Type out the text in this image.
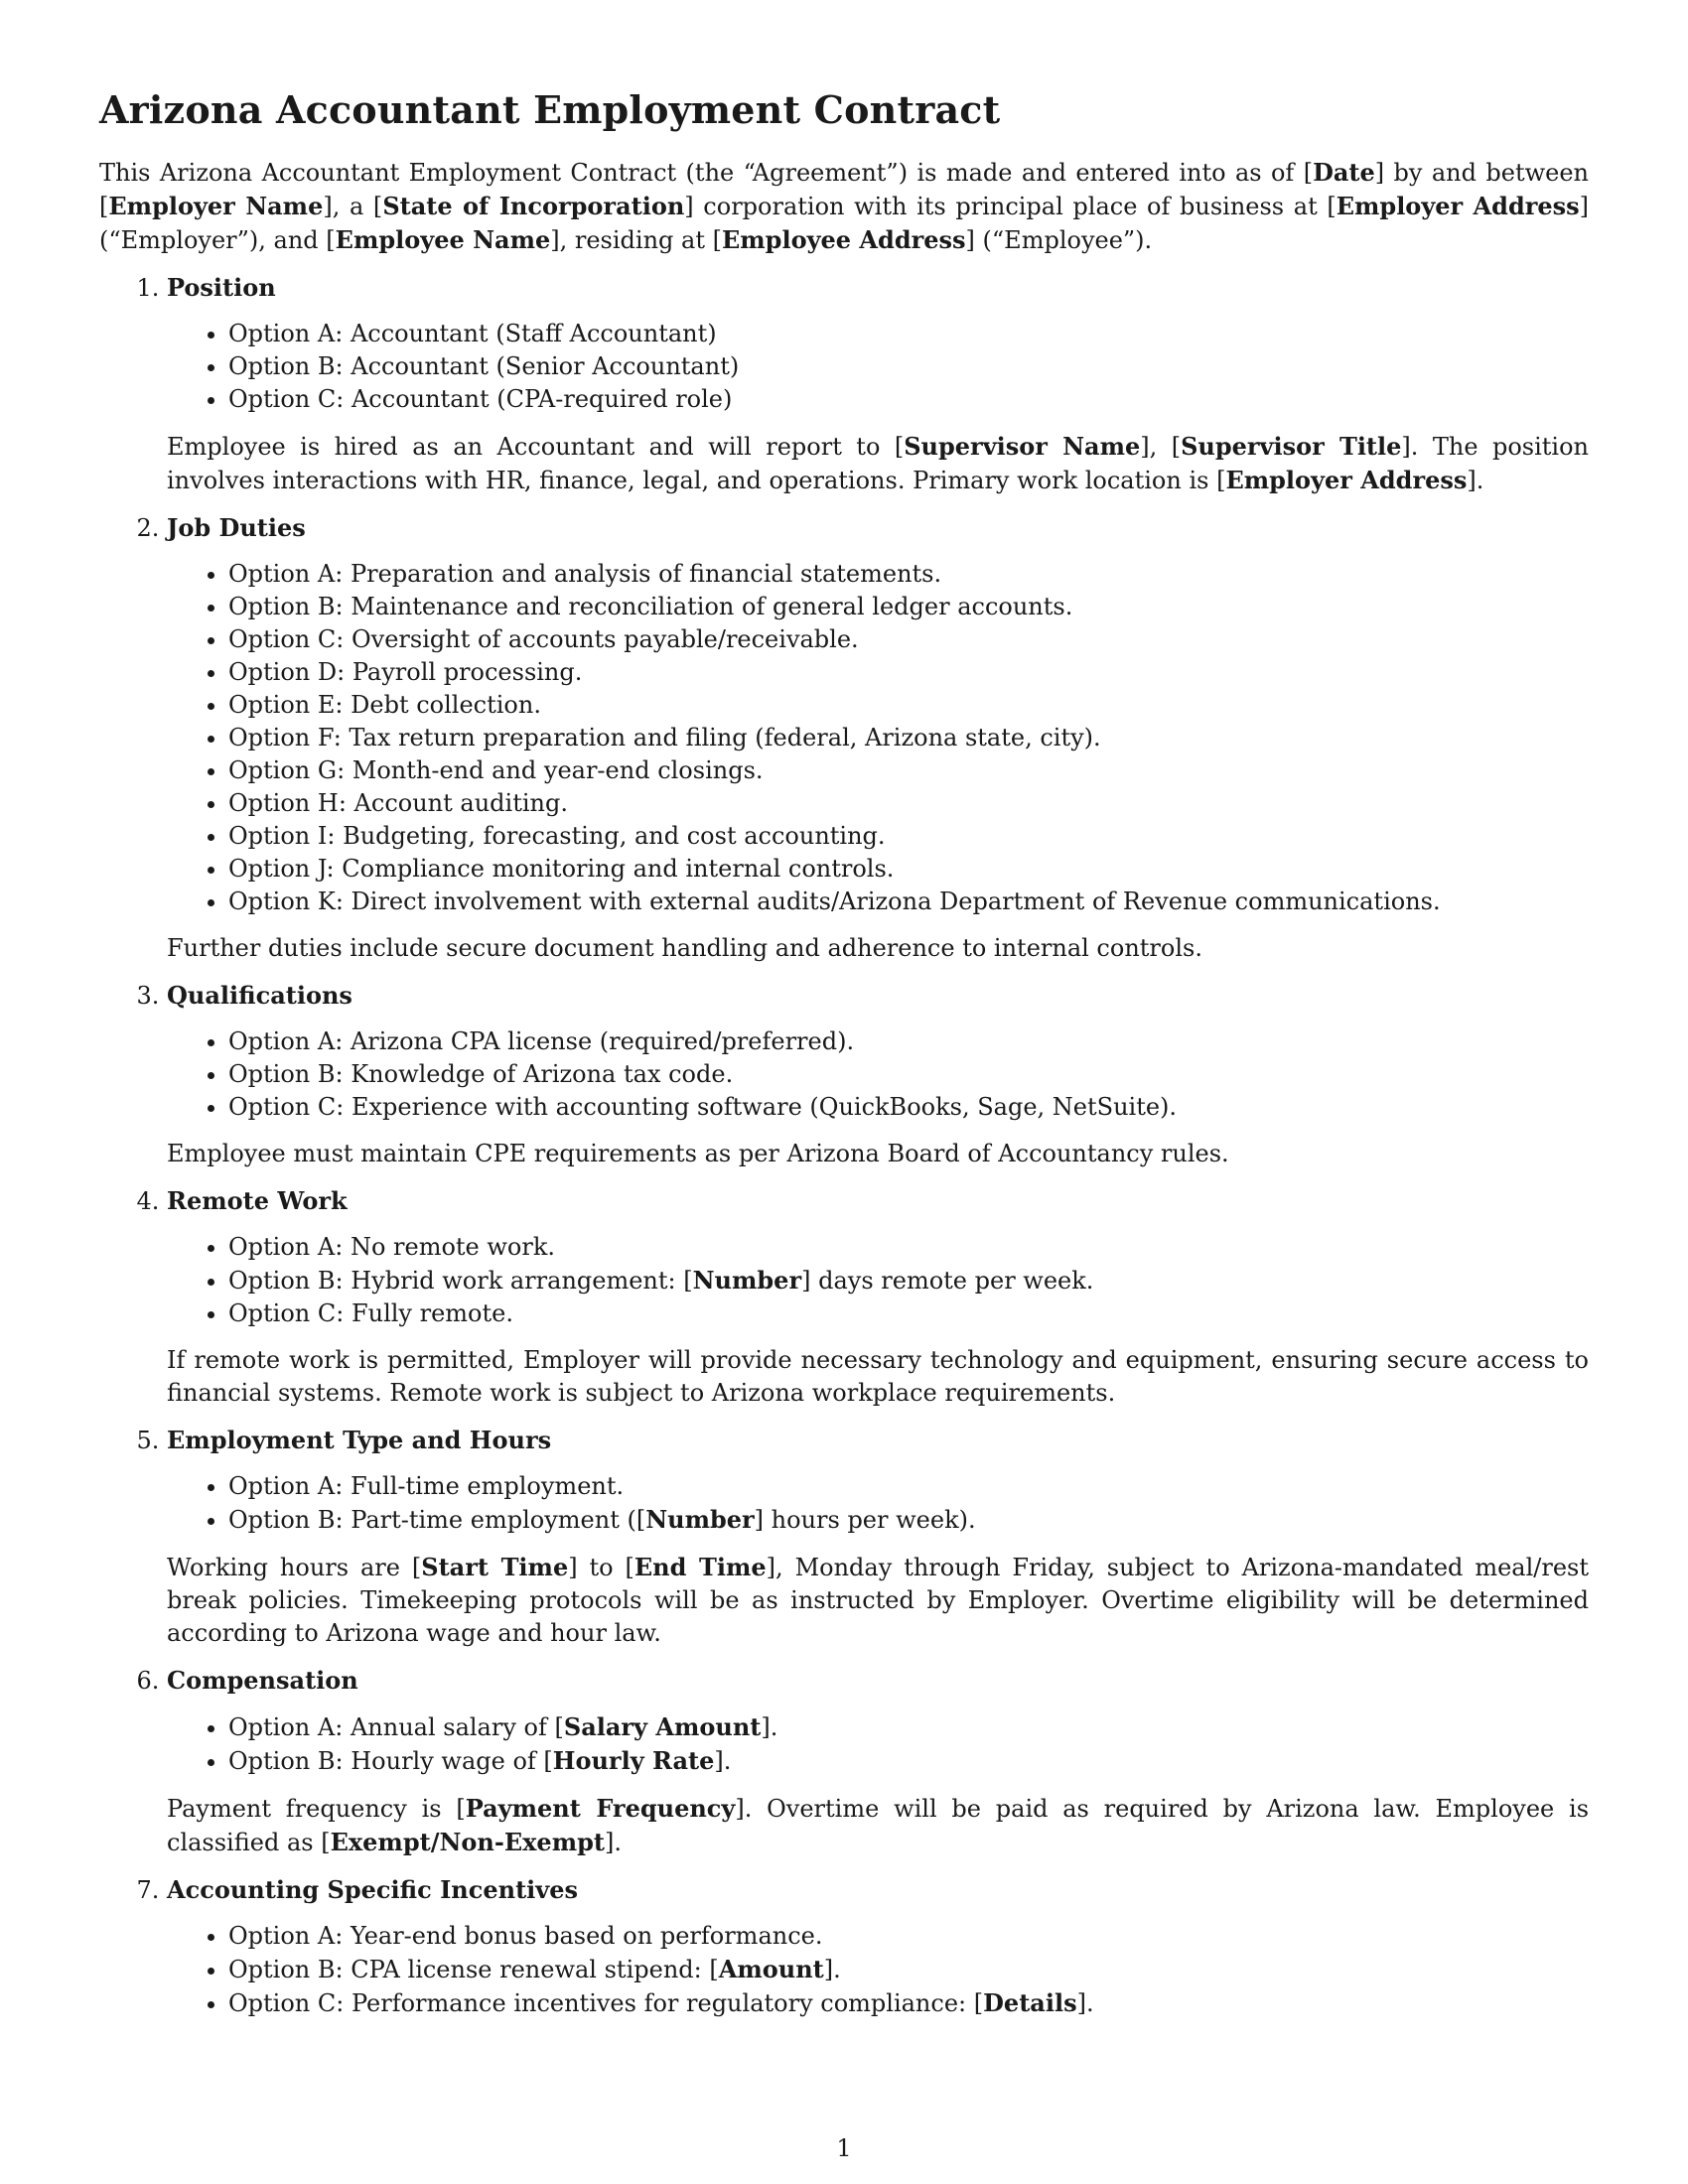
Arizona Accountant Employment Contract

This Arizona Accountant Employment Contract (the “Agreement”) is made and entered into as of [Date] by and between [Employer Name], a [State of Incorporation] corporation with its principal place of business at [Employer Address] (“Employer”), and [Employee Name], residing at [Employee Address] (“Employee”).

1. Position
• Option A: Accountant (Staff Accountant)
• Option B: Accountant (Senior Accountant)
• Option C: Accountant (CPA-required role)

Employee is hired as an Accountant and will report to [Supervisor Name], [Supervisor Title]. The position involves interactions with HR, finance, legal, and operations. Primary work location is [Employer Address].

2. Job Duties
• Option A: Preparation and analysis of financial statements.
• Option B: Maintenance and reconciliation of general ledger accounts.
• Option C: Oversight of accounts payable/receivable.
• Option D: Payroll processing.
• Option E: Debt collection.
• Option F: Tax return preparation and filing (federal, Arizona state, city).
• Option G: Month-end and year-end closings.
• Option H: Account auditing.
• Option I: Budgeting, forecasting, and cost accounting.
• Option J: Compliance monitoring and internal controls.
• Option K: Direct involvement with external audits/Arizona Department of Revenue communications.

Further duties include secure document handling and adherence to internal controls.

3. Qualifications
• Option A: Arizona CPA license (required/preferred).
• Option B: Knowledge of Arizona tax code.
• Option C: Experience with accounting software (QuickBooks, Sage, NetSuite).

Employee must maintain CPE requirements as per Arizona Board of Accountancy rules.

4. Remote Work
• Option A: No remote work.
• Option B: Hybrid work arrangement: [Number] days remote per week.
• Option C: Fully remote.

If remote work is permitted, Employer will provide necessary technology and equipment, ensuring secure access to financial systems. Remote work is subject to Arizona workplace requirements.

5. Employment Type and Hours
• Option A: Full-time employment.
• Option B: Part-time employment ([Number] hours per week).

Working hours are [Start Time] to [End Time], Monday through Friday, subject to Arizona-mandated meal/rest break policies. Timekeeping protocols will be as instructed by Employer. Overtime eligibility will be determined according to Arizona wage and hour law.

6. Compensation
• Option A: Annual salary of [Salary Amount].
• Option B: Hourly wage of [Hourly Rate].

Payment frequency is [Payment Frequency]. Overtime will be paid as required by Arizona law. Employee is classified as [Exempt/Non-Exempt].

7. Accounting Specific Incentives
• Option A: Year-end bonus based on performance.
• Option B: CPA license renewal stipend: [Amount].
• Option C: Performance incentives for regulatory compliance: [Details].
1
